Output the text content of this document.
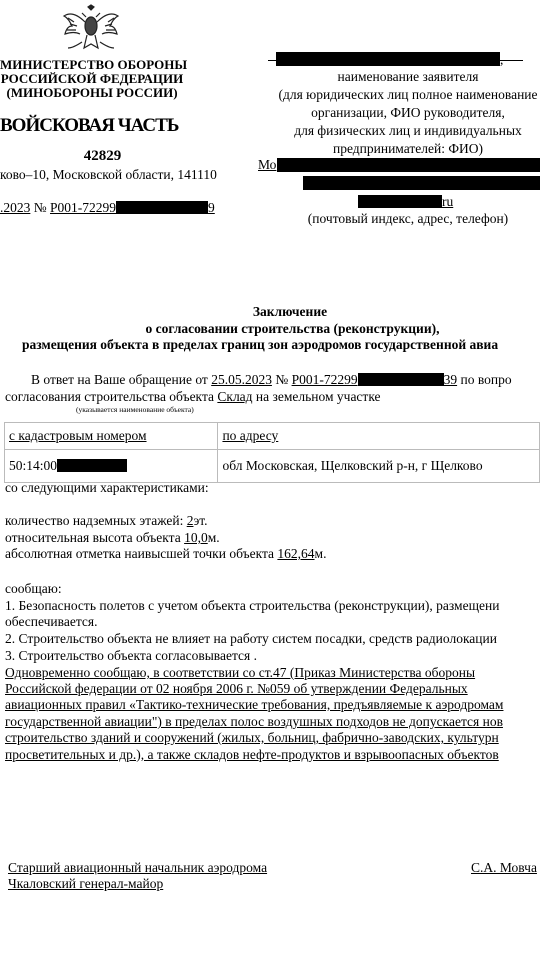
МИНИСТЕРСТВО ОБОРОНЫ
РОССИЙСКОЙ ФЕДЕРАЦИИ
(МИНОБОРОНЫ РОССИИ)
ВОЙСКОВАЯ ЧАСТЬ
42829
ково–10, Московской области, 141110
.2023 № Р001-72299	9
наименование заявителя
(для юридических лиц полное наименование
организации, ФИО руководителя,
для физических лиц и индивидуальных
предпринимателей: ФИО)
Мо
ru
(почтовый индекс, адрес, телефон)
Заключение
о согласовании строительства (реконструкции),
размещения объекта в пределах границ зон аэродромов государственной авиа
В ответ на Ваше обращение от 25.05.2023 № Р001-72299	39 по вопро
согласования строительства объекта Склад на земельном участке
(указывается наименование объекта)
с кадастровым номером	по адресу
50:14:00	обл Московская, Щелковский р-н, г Щелково
со следующими характеристиками:
количество надземных этажей: 2эт.
относительная высота объекта 10,0м.
абсолютная отметка наивысшей точки объекта 162,64м.
сообщаю:
1. Безопасность полетов с учетом объекта строительства (реконструкции), размещени
обеспечивается.
2. Строительство объекта не влияет на работу систем посадки, средств радиолокации
3. Строительство объекта согласовывается .
Одновременно сообщаю, в соответствии со ст.47 (Приказ Министерства обороны
Российской федерации от 02 ноября 2006 г. №059 об утверждении Федеральных
авиационных правил «Тактико-технические требования, предъявляемые к аэродромам
государственной авиации") в пределах полос воздушных подходов не допускается нов
строительство зданий и сооружений (жилых, больниц, фабрично-заводских, культурн
просветительных и др.), а также складов нефте-продуктов и взрывоопасных объектов
Старший авиационный начальник аэродрома
Чкаловский генерал-майор
С.А. Мовча
